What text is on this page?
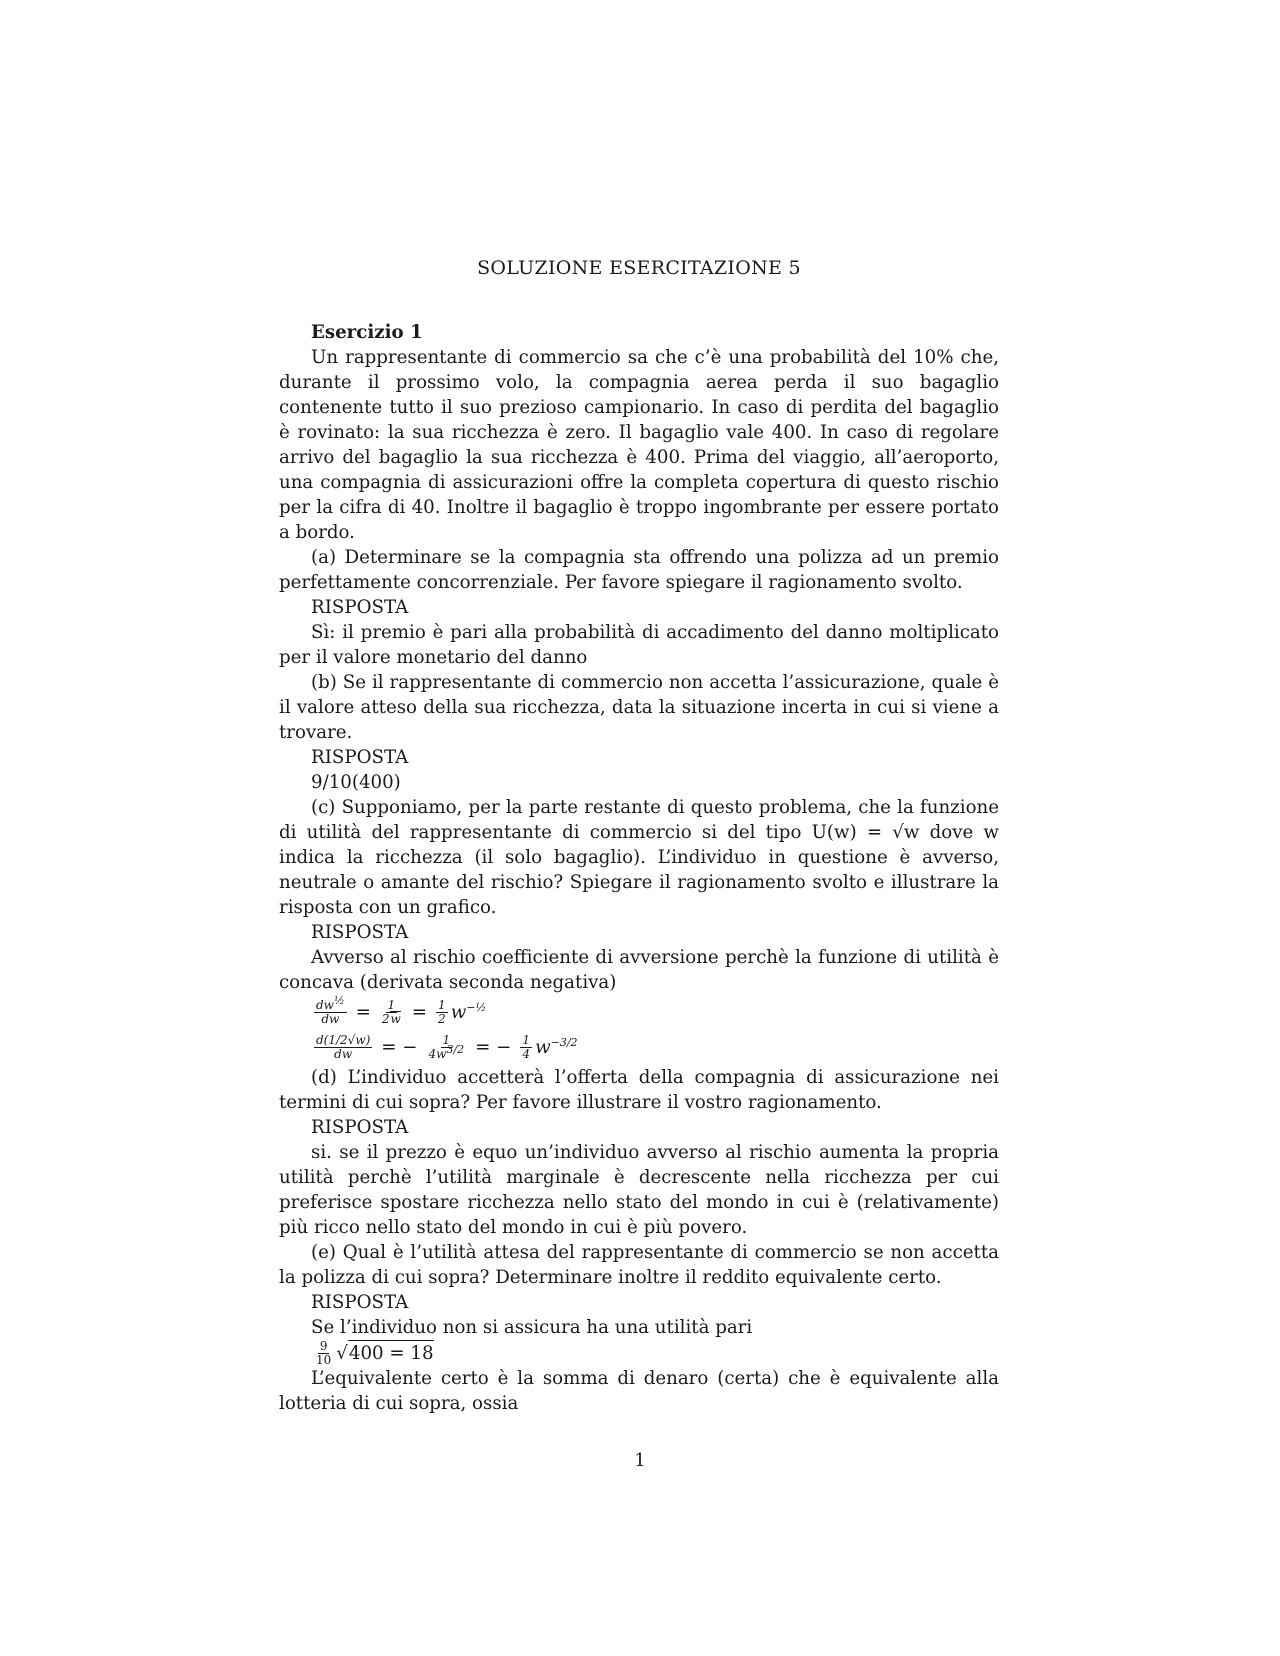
SOLUZIONE ESERCITAZIONE 5
Esercizio 1

Un rappresentante di commercio sa che c’è una probabilità del 10% che, durante il prossimo volo, la compagnia aerea perda il suo bagaglio contenente tutto il suo prezioso campionario. In caso di perdita del bagaglio è rovinato: la sua ricchezza è zero. Il bagaglio vale 400. In caso di regolare arrivo del bagaglio la sua ricchezza è 400. Prima del viaggio, all’aeroporto, una compagnia di assicurazioni offre la completa copertura di questo rischio per la cifra di 40. Inoltre il bagaglio è troppo ingombrante per essere portato a bordo.

(a) Determinare se la compagnia sta offrendo una polizza ad un premio perfettamente concorrenziale. Per favore spiegare il ragionamento svolto.

RISPOSTA

Sì: il premio è pari alla probabilità di accadimento del danno moltiplicato per il valore monetario del danno

(b) Se il rappresentante di commercio non accetta l’assicurazione, quale è il valore atteso della sua ricchezza, data la situazione incerta in cui si viene a trovare.

RISPOSTA
9/10(400)

(c) Supponiamo, per la parte restante di questo problema, che la funzione di utilità del rappresentante di commercio si del tipo U(w) = √w dove w indica la ricchezza (il solo bagaglio). L’individuo in questione è avverso, neutrale o amante del rischio? Spiegare il ragionamento svolto e illustrare la risposta con un grafico.

RISPOSTA

Avverso al rischio coefficiente di avversione perchè la funzione di utilità è concava (derivata seconda negativa)

$\frac{\text{dw½}}{dw} = \frac{1}{2w} = \frac{1}{2} w^{-\frac{1}{2}}$
$\frac{d(1/2√w)}{dw}$ = − $\frac{1}{4w3/2}$ = − $\frac{1}{4} w^{-3/2}$

(d) L’individuo accetterà l’offerta della compagnia di assicurazione nei termini di cui sopra? Per favore illustrare il vostro ragionamento.

RISPOSTA

si. se il prezzo è equo un’individuo avverso al rischio aumenta la propria utilità perchè l’utilità marginale è decrescente nella ricchezza per cui preferisce spostare ricchezza nello stato del mondo in cui è (relativamente) più ricco nello stato del mondo in cui è più povero.

(e) Qual è l’utilità attesa del rappresentante di commercio se non accetta la polizza di cui sopra? Determinare inoltre il reddito equivalente certo.

RISPOSTA

Se l’individuo non si assicura ha una utilità pari

$\frac{9}{10}$ √ 400 = 18

L’equivalente certo è la somma di denaro (certa) che è equivalente alla lotteria di cui sopra, ossia

1
